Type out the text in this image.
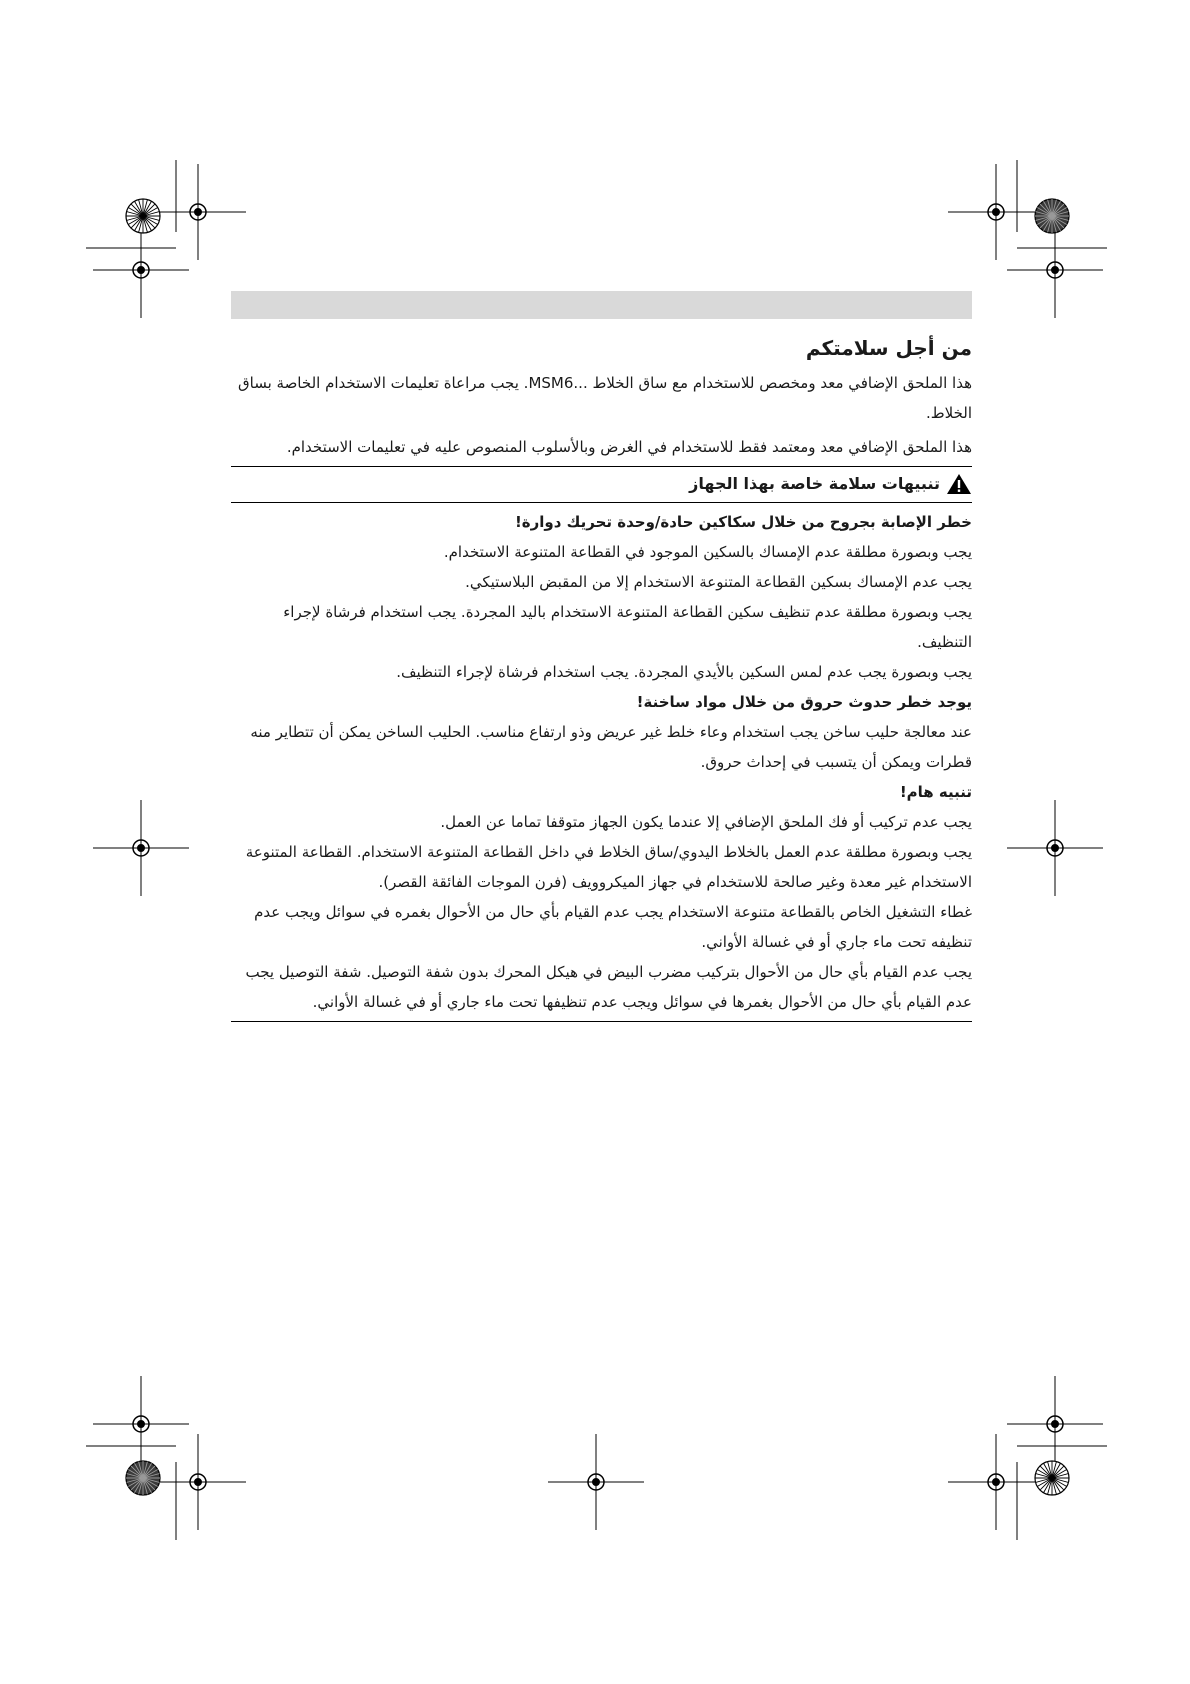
من أجل سلامتكم

هذا الملحق الإضافي معد ومخصص للاستخدام مع ساق الخلاط ...MSM6. يجب مراعاة تعليمات الاستخدام الخاصة بساق الخلاط.

هذا الملحق الإضافي معد ومعتمد فقط للاستخدام في الغرض وبالأسلوب المنصوص عليه في تعليمات الاستخدام.

تنبيهات سلامة خاصة بهذا الجهاز

خطر الإصابة بجروح من خلال سكاكين حادة/وحدة تحريك دوارة!

يجب وبصورة مطلقة عدم الإمساك بالسكين الموجود في القطاعة المتنوعة الاستخدام.

يجب عدم الإمساك بسكين القطاعة المتنوعة الاستخدام إلا من المقبض البلاستيكي.

يجب وبصورة مطلقة عدم تنظيف سكين القطاعة المتنوعة الاستخدام باليد المجردة. يجب استخدام فرشاة لإجراء التنظيف.

يجب وبصورة يجب عدم لمس السكين بالأيدي المجردة. يجب استخدام فرشاة لإجراء التنظيف.

يوجد خطر حدوث حروق من خلال مواد ساخنة!

عند معالجة حليب ساخن يجب استخدام وعاء خلط غير عريض وذو ارتفاع مناسب. الحليب الساخن يمكن أن تتطاير منه قطرات ويمكن أن يتسبب في إحداث حروق.

تنبيه هام!

يجب عدم تركيب أو فك الملحق الإضافي إلا عندما يكون الجهاز متوقفا تماما عن العمل.

يجب وبصورة مطلقة عدم العمل بالخلاط اليدوي/ساق الخلاط في داخل القطاعة المتنوعة الاستخدام. القطاعة المتنوعة الاستخدام غير معدة وغير صالحة للاستخدام في جهاز الميكروويف (فرن الموجات الفائقة القصر).

غطاء التشغيل الخاص بالقطاعة متنوعة الاستخدام يجب عدم القيام بأي حال من الأحوال بغمره في سوائل ويجب عدم تنظيفه تحت ماء جاري أو في غسالة الأواني.

يجب عدم القيام بأي حال من الأحوال بتركيب مضرب البيض في هيكل المحرك بدون شفة التوصيل. شفة التوصيل يجب عدم القيام بأي حال من الأحوال بغمرها في سوائل ويجب عدم تنظيفها تحت ماء جاري أو في غسالة الأواني.
